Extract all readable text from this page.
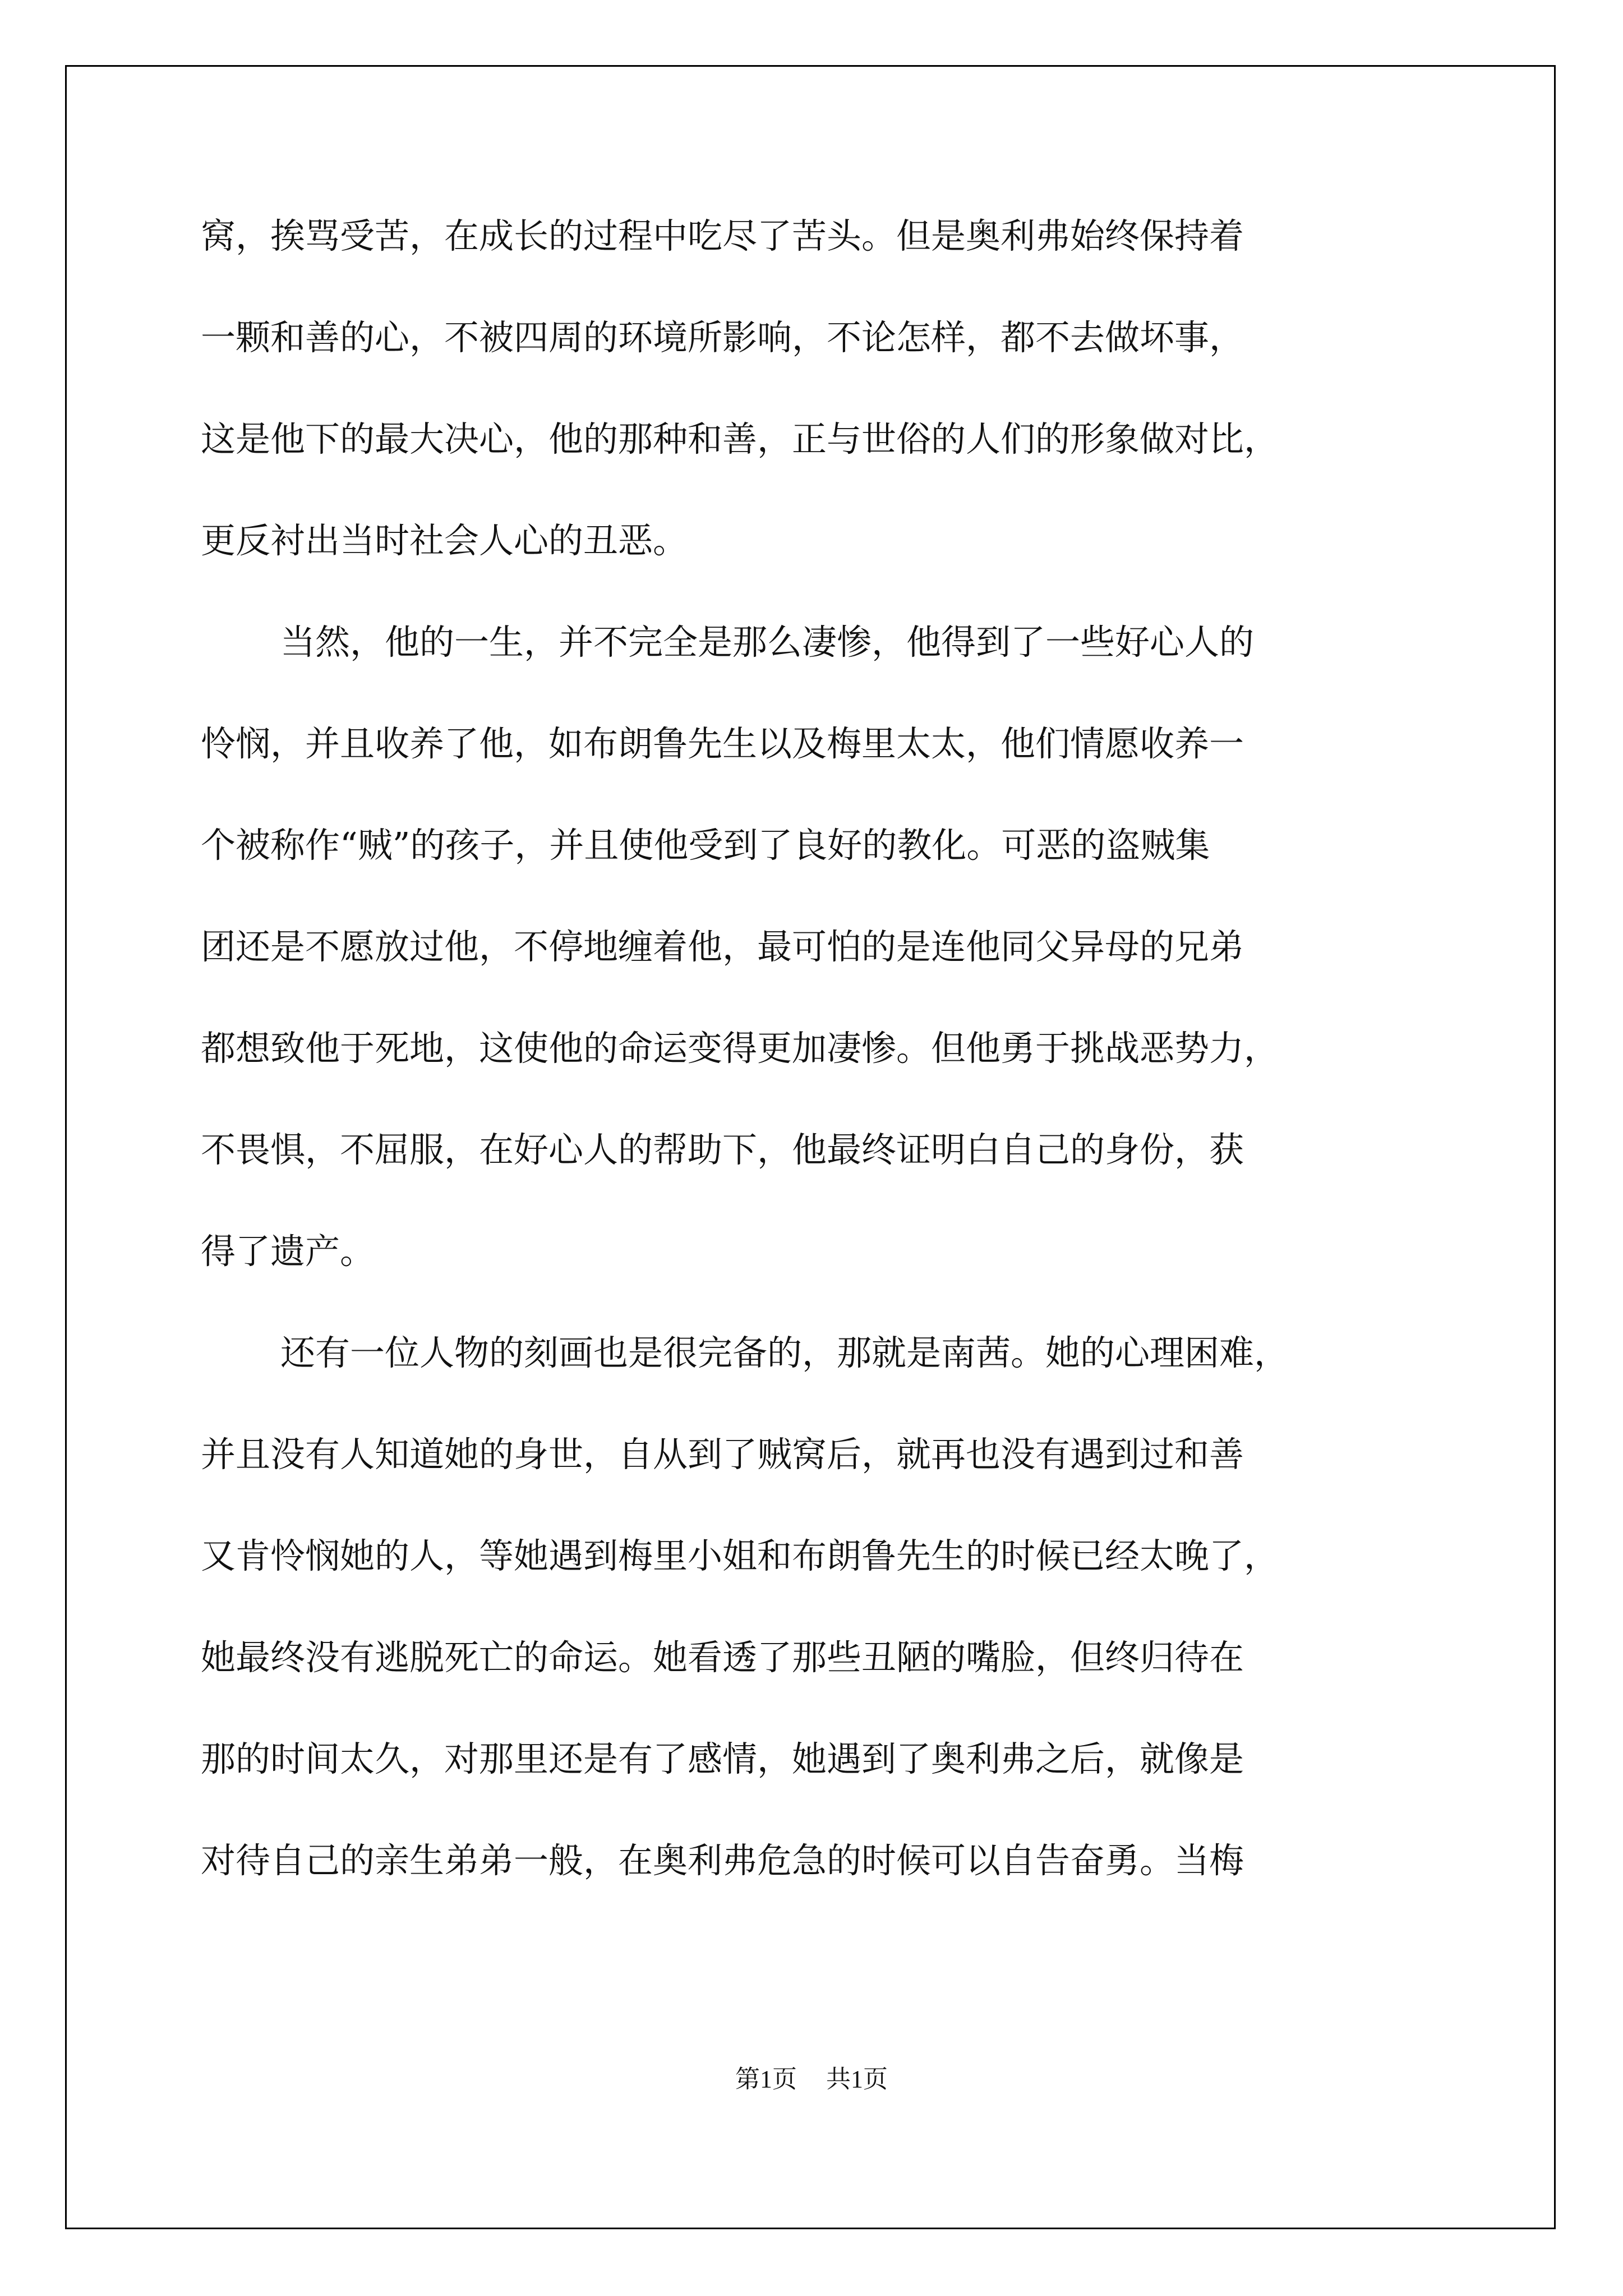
窝，挨骂受苦，在成长的过程中吃尽了苦头。但是奥利弗始终保持着
一颗和善的心，不被四周的环境所影响，不论怎样，都不去做坏事，
这是他下的最大决心，他的那种和善，正与世俗的人们的形象做对比，
更反衬出当时社会人心的丑恶。
当然，他的一生，并不完全是那么凄惨，他得到了一些好心人的
怜悯，并且收养了他，如布朗鲁先生以及梅里太太，他们情愿收养一
个被称作“贼”的孩子，并且使他受到了良好的教化。可恶的盗贼集
团还是不愿放过他，不停地缠着他，最可怕的是连他同父异母的兄弟
都想致他于死地，这使他的命运变得更加凄惨。但他勇于挑战恶势力，
不畏惧，不屈服，在好心人的帮助下，他最终证明白自己的身份，获
得了遗产。
还有一位人物的刻画也是很完备的，那就是南茜。她的心理困难，
并且没有人知道她的身世，自从到了贼窝后，就再也没有遇到过和善
又肯怜悯她的人，等她遇到梅里小姐和布朗鲁先生的时候已经太晚了，
她最终没有逃脱死亡的命运。她看透了那些丑陋的嘴脸，但终归待在
那的时间太久，对那里还是有了感情，她遇到了奥利弗之后，就像是
对待自己的亲生弟弟一般，在奥利弗危急的时候可以自告奋勇。当梅
第1页 共1页
